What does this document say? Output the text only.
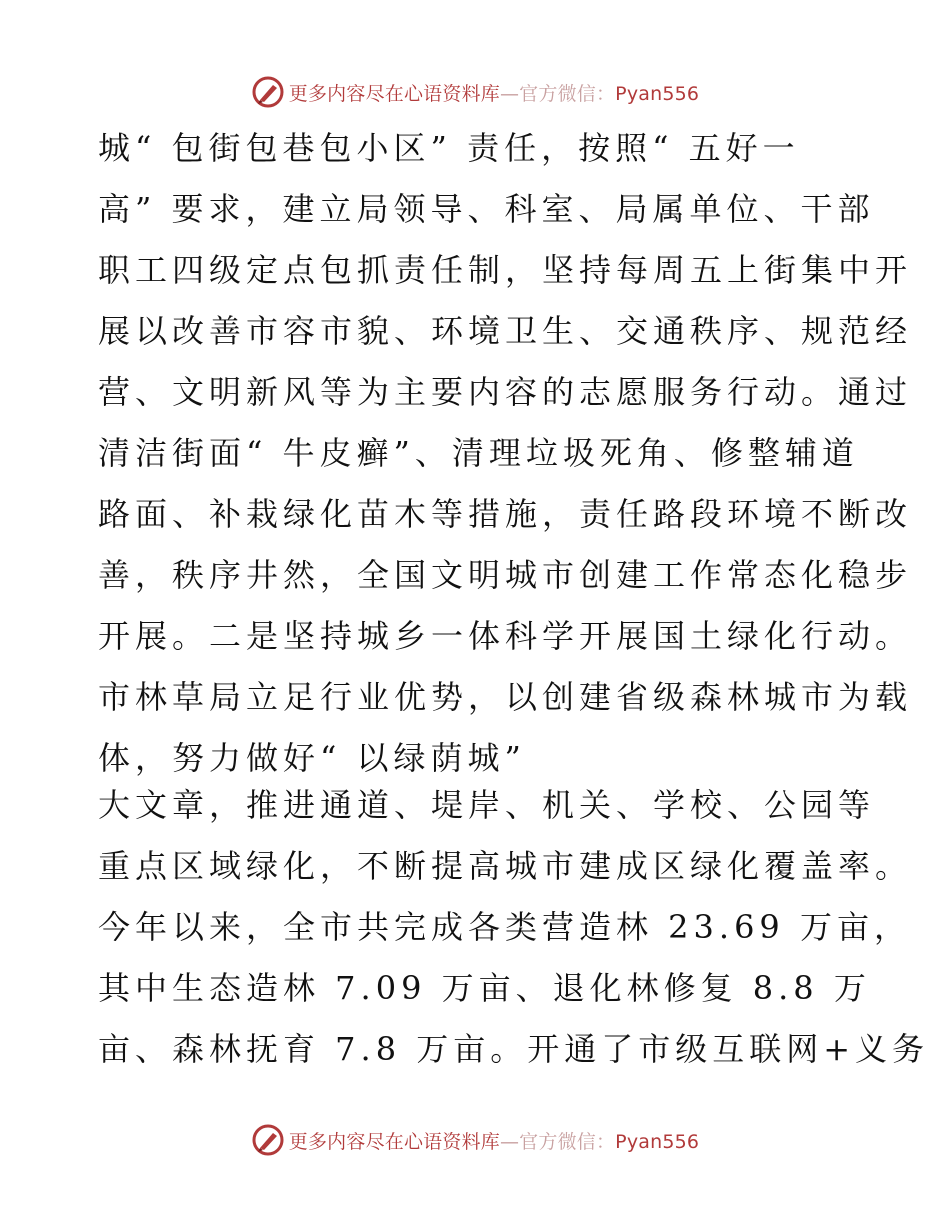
更多内容尽在心语资料库—官方微信：Pyan556
城“ 包街包巷包小区” 责任，按照“ 五好一
高” 要求，建立局领导、科室、局属单位、干部
职工四级定点包抓责任制，坚持每周五上街集中开
展以改善市容市貌、环境卫生、交通秩序、规范经
营、文明新风等为主要内容的志愿服务行动。通过
清洁街面“ 牛皮癣”、清理垃圾死角、修整辅道
路面、补栽绿化苗木等措施，责任路段环境不断改
善，秩序井然，全国文明城市创建工作常态化稳步
开展。二是坚持城乡一体科学开展国土绿化行动。
市林草局立足行业优势，以创建省级森林城市为载
体，努力做好“ 以绿荫城”
大文章，推进通道、堤岸、机关、学校、公园等
重点区域绿化，不断提高城市建成区绿化覆盖率。
今年以来，全市共完成各类营造林 23.69 万亩，
其中生态造林 7.09 万亩、退化林修复 8.8 万
亩、森林抚育 7.8 万亩。开通了市级互联网+义务
更多内容尽在心语资料库—官方微信：Pyan556
